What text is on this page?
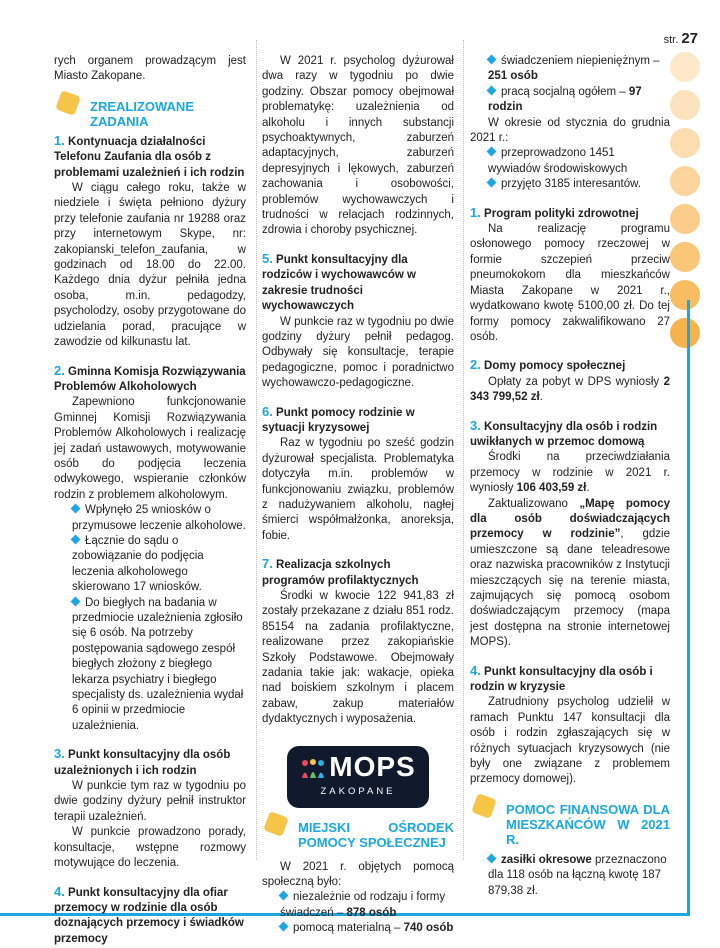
str. 27

rych organem prowadzącym jest Miasto Zakopane.

ZREALIZOWANE ZADANIA

1. Kontynuacja działalności Telefonu Zaufania dla osób z problemami uzależnień i ich rodzin

W ciągu całego roku, także w niedziele i święta pełniono dyżury przy telefonie zaufania nr 19288 oraz przy internetowym Skype, nr: zakopianski_telefon_zaufania, w godzinach od 18.00 do 22.00. Każdego dnia dyżur pełniła jedna osoba, m.in. pedagodzy, psycholodzy, osoby przygotowane do udzielania porad, pracujące w zawodzie od kilkunastu lat.

2. Gminna Komisja Rozwiązywania Problemów Alkoholowych

Zapewniono funkcjonowanie Gminnej Komisji Rozwiązywania Problemów Alkoholowych i realizację jej zadań ustawowych, motywowanie osób do podjęcia leczenia odwykowego, wspieranie członków rodzin z problemem alkoholowym.

Wpłynęło 25 wniosków o przymusowe leczenie alkoholowe.

Łącznie do sądu o zobowiązanie do podjęcia leczenia alkoholowego skierowano 17 wniosków.

Do biegłych na badania w przedmiocie uzależnienia zgłosiło się 6 osób. Na potrzeby postępowania sądowego zespół biegłych złożony z biegłego lekarza psychiatry i biegłego specjalisty ds. uzależnienia wydał 6 opinii w przedmiocie uzależnienia.

3. Punkt konsultacyjny dla osób uzależnionych i ich rodzin

W punkcie tym raz w tygodniu po dwie godziny dyżury pełnił instruktor terapii uzależnień.

W punkcie prowadzono porady, konsultacje, wstępne rozmowy motywujące do leczenia.

4. Punkt konsultacyjny dla ofiar przemocy w rodzinie dla osób doznających przemocy i świadków przemocy

W 2021 r. psycholog dyżurował dwa razy w tygodniu po dwie godziny. Obszar pomocy obejmował problematykę: uzależnienia od alkoholu i innych substancji psychoaktywnych, zaburzeń adaptacyjnych, zaburzeń depresyjnych i lękowych, zaburzeń zachowania i osobowości, problemów wychowawczych i trudności w relacjach rodzinnych, zdrowia i choroby psychicznej.

5. Punkt konsultacyjny dla rodziców i wychowawców w zakresie trudności wychowawczych

W punkcie raz w tygodniu po dwie godziny dyżury pełnił pedagog. Odbywały się konsultacje, terapie pedagogiczne, pomoc i poradnictwo wychowawczo-pedagogiczne.

6. Punkt pomocy rodzinie w sytuacji kryzysowej

Raz w tygodniu po sześć godzin dyżurował specjalista. Problematyka dotyczyła m.in. problemów w funkcjonowaniu związku, problemów z nadużywaniem alkoholu, nagłej śmierci współmałżonka, anoreksja, fobie.

7. Realizacja szkolnych programów profilaktycznych

Środki w kwocie 122 941,83 zł zostały przekazane z działu 851 rodz. 85154 na zadania profilaktyczne, realizowane przez zakopiańskie Szkoły Podstawowe. Obejmowały zadania takie jak: wakacje, opieka nad boiskiem szkolnym i placem zabaw, zakup materiałów dydaktycznych i wyposażenia.

MOPS
ZAKOPANE
MIEJSKI OŚRODEK POMOCY SPOŁECZNEJ

W 2021 r. objętych pomocą społeczną było:

niezależnie od rodzaju i formy świadczeń – 878 osób

pomocą materialną – 740 osób

świadczeniem niepieniężnym – 251 osób

pracą socjalną ogółem – 97 rodzin

W okresie od stycznia do grudnia 2021 r.:

przeprowadzono 1451 wywiadów środowiskowych

przyjęto 3185 interesantów.

1. Program polityki zdrowotnej

Na realizację programu osłonowego pomocy rzeczowej w formie szczepień przeciw pneumokokom dla mieszkańców Miasta Zakopane w 2021 r., wydatkowano kwotę 5100,00 zł. Do tej formy pomocy zakwalifikowano 27 osób.

2. Domy pomocy społecznej

Opłaty za pobyt w DPS wyniosły 2 343 799,52 zł.

3. Konsultacyjny dla osób i rodzin uwikłanych w przemoc domową

Środki na przeciwdziałania przemocy w rodzinie w 2021 r. wyniosły 106 403,59 zł.

Zaktualizowano „Mapę pomocy dla osób doświadczających przemocy w rodzinie”, gdzie umieszczone są dane teleadresowe oraz nazwiska pracowników z Instytucji mieszczących się na terenie miasta, zajmujących się pomocą osobom doświadczającym przemocy (mapa jest dostępna na stronie internetowej MOPS).

4. Punkt konsultacyjny dla osób i rodzin w kryzysie

Zatrudniony psycholog udzielił w ramach Punktu 147 konsultacji dla osób i rodzin zgłaszających się w różnych sytuacjach kryzysowych (nie były one związane z problemem przemocy domowej).

POMOC FINANSOWA DLA MIESZKAŃCÓW W 2021 R.

zasiłki okresowe przeznaczono dla 118 osób na łączną kwotę 187 879,38 zł.
